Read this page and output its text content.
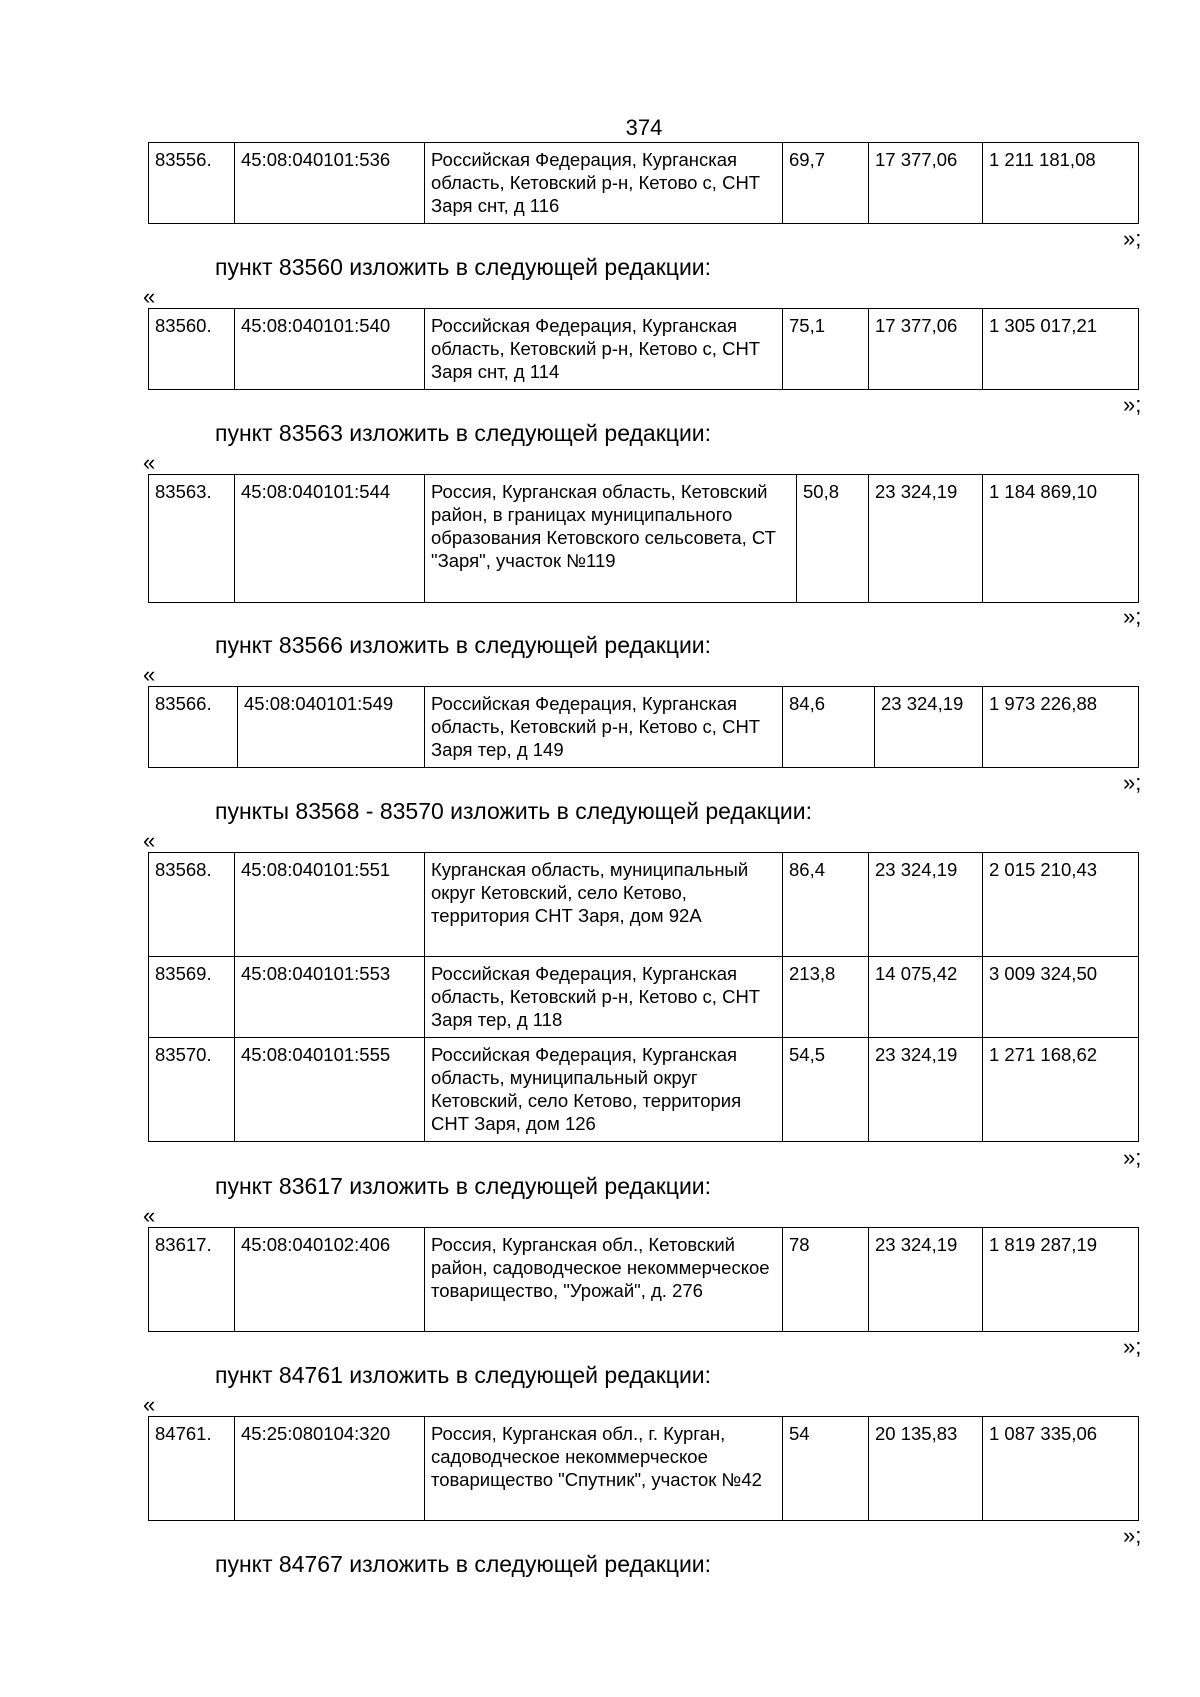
374
83556.	45:08:040101:536	Российская Федерация, Курганская область, Кетовский р-н, Кетово с, СНТ Заря снт, д 116	69,7	17 377,06	1 211 181,08
»;
пункт 83560 изложить в следующей редакции:
«
83560.	45:08:040101:540	Российская Федерация, Курганская область, Кетовский р-н, Кетово с, СНТ Заря снт, д 114	75,1	17 377,06	1 305 017,21
»;
пункт 83563 изложить в следующей редакции:
«
83563.	45:08:040101:544	Россия, Курганская область, Кетовский район, в границах муниципального образования Кетовского сельсовета, СТ "Заря", участок №119	50,8	23 324,19	1 184 869,10
»;
пункт 83566 изложить в следующей редакции:
«
83566.	45:08:040101:549	Российская Федерация, Курганская область, Кетовский р-н, Кетово с, СНТ Заря тер, д 149	84,6	23 324,19	1 973 226,88
»;
пункты 83568 - 83570 изложить в следующей редакции:
«
83568.	45:08:040101:551	Курганская область, муниципальный округ Кетовский, село Кетово, территория СНТ Заря, дом 92А	86,4	23 324,19	2 015 210,43
83569.	45:08:040101:553	Российская Федерация, Курганская область, Кетовский р-н, Кетово с, СНТ Заря тер, д 118	213,8	14 075,42	3 009 324,50
83570.	45:08:040101:555	Российская Федерация, Курганская область, муниципальный округ Кетовский, село Кетово, территория СНТ Заря, дом 126	54,5	23 324,19	1 271 168,62
»;
пункт 83617 изложить в следующей редакции:
«
83617.	45:08:040102:406	Россия, Курганская обл., Кетовский район, садоводческое некоммерческое товарищество, "Урожай", д. 276	78	23 324,19	1 819 287,19
»;
пункт 84761 изложить в следующей редакции:
«
84761.	45:25:080104:320	Россия, Курганская обл., г. Курган, садоводческое некоммерческое товарищество "Спутник", участок №42	54	20 135,83	1 087 335,06
»;
пункт 84767 изложить в следующей редакции:
